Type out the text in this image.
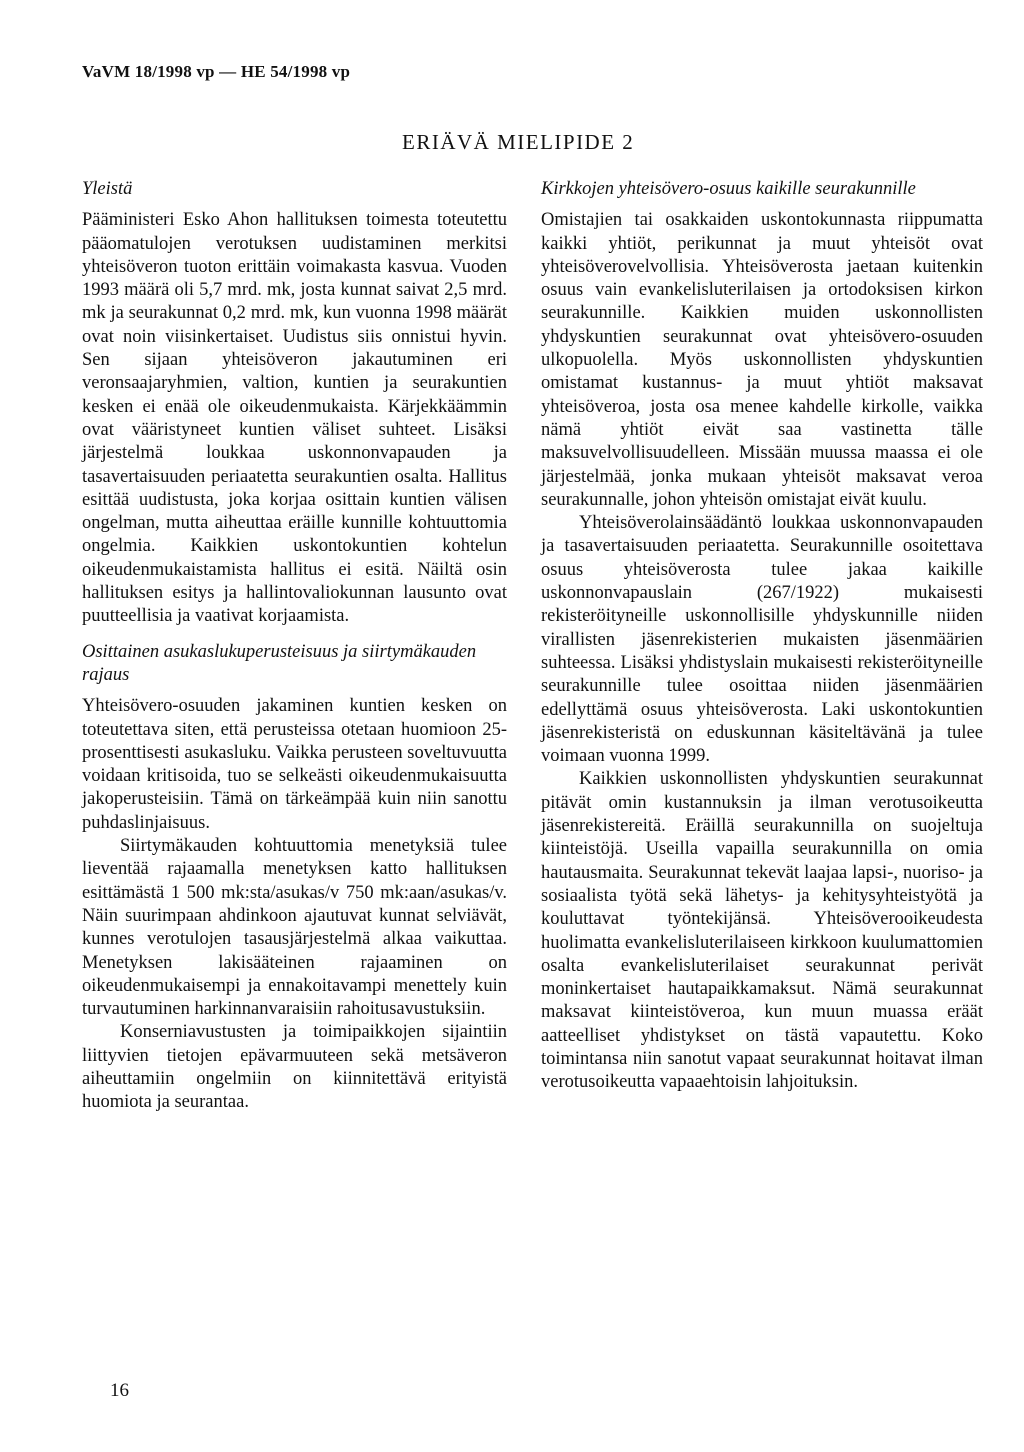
VaVM 18/1998 vp — HE 54/1998 vp
ERIÄVÄ MIELIPIDE 2
Yleistä

Pääministeri Esko Ahon hallituksen toimesta toteutettu pääomatulojen verotuksen uudistaminen merkitsi yhteisöveron tuoton erittäin voimakasta kasvua. Vuoden 1993 määrä oli 5,7 mrd. mk, josta kunnat saivat 2,5 mrd. mk ja seurakunnat 0,2 mrd. mk, kun vuonna 1998 määrät ovat noin viisinkertaiset. Uudistus siis onnistui hyvin. Sen sijaan yhteisöveron jakautuminen eri veronsaajaryhmien, valtion, kuntien ja seurakuntien kesken ei enää ole oikeudenmukaista. Kärjekkäämmin ovat vääristyneet kuntien väliset suhteet. Lisäksi järjestelmä loukkaa uskonnonvapauden ja tasavertaisuuden periaatetta seurakuntien osalta. Hallitus esittää uudistusta, joka korjaa osittain kuntien välisen ongelman, mutta aiheuttaa eräille kunnille kohtuuttomia ongelmia. Kaikkien uskontokuntien kohtelun oikeudenmukaistamista hallitus ei esitä. Näiltä osin hallituksen esitys ja hallintovaliokunnan lausunto ovat puutteellisia ja vaativat korjaamista.

Osittainen asukaslukuperusteisuus ja siirtymäkauden rajaus

Yhteisövero-osuuden jakaminen kuntien kesken on toteutettava siten, että perusteissa otetaan huomioon 25-prosenttisesti asukasluku. Vaikka perusteen soveltuvuutta voidaan kritisoida, tuo se selkeästi oikeudenmukaisuutta jakoperusteisiin. Tämä on tärkeämpää kuin niin sanottu puhdaslinjaisuus.

Siirtymäkauden kohtuuttomia menetyksiä tulee lieventää rajaamalla menetyksen katto hallituksen esittämästä 1 500 mk:sta/asukas/v 750 mk:aan/asukas/v. Näin suurimpaan ahdinkoon ajautuvat kunnat selviävät, kunnes verotulojen tasausjärjestelmä alkaa vaikuttaa. Menetyksen lakisääteinen rajaaminen on oikeudenmukaisempi ja ennakoitavampi menettely kuin turvautuminen harkinnanvaraisiin rahoitusavustuksiin.

Konserniavustusten ja toimipaikkojen sijaintiin liittyvien tietojen epävarmuuteen sekä metsäveron aiheuttamiin ongelmiin on kiinnitettävä erityistä huomiota ja seurantaa.

Kirkkojen yhteisövero-osuus kaikille seurakunnille

Omistajien tai osakkaiden uskontokunnasta riippumatta kaikki yhtiöt, perikunnat ja muut yhteisöt ovat yhteisöverovelvollisia. Yhteisöverosta jaetaan kuitenkin osuus vain evankelisluterilaisen ja ortodoksisen kirkon seurakunnille. Kaikkien muiden uskonnollisten yhdyskuntien seurakunnat ovat yhteisövero-osuuden ulkopuolella. Myös uskonnollisten yhdyskuntien omistamat kustannus- ja muut yhtiöt maksavat yhteisöveroa, josta osa menee kahdelle kirkolle, vaikka nämä yhtiöt eivät saa vastinetta tälle maksuvelvollisuudelleen. Missään muussa maassa ei ole järjestelmää, jonka mukaan yhteisöt maksavat veroa seurakunnalle, johon yhteisön omistajat eivät kuulu.

Yhteisöverolainsäädäntö loukkaa uskonnonvapauden ja tasavertaisuuden periaatetta. Seurakunnille osoitettava osuus yhteisöverosta tulee jakaa kaikille uskonnonvapauslain (267/1922) mukaisesti rekisteröityneille uskonnollisille yhdyskunnille niiden virallisten jäsenrekisterien mukaisten jäsenmäärien suhteessa. Lisäksi yhdistyslain mukaisesti rekisteröityneille seurakunnille tulee osoittaa niiden jäsenmäärien edellyttämä osuus yhteisöverosta. Laki uskontokuntien jäsenrekisteristä on eduskunnan käsiteltävänä ja tulee voimaan vuonna 1999.

Kaikkien uskonnollisten yhdyskuntien seurakunnat pitävät omin kustannuksin ja ilman verotusoikeutta jäsenrekistereitä. Eräillä seurakunnilla on suojeltuja kiinteistöjä. Useilla vapailla seurakunnilla on omia hautausmaita. Seurakunnat tekevät laajaa lapsi-, nuoriso- ja sosiaalista työtä sekä lähetys- ja kehitysyhteistyötä ja kouluttavat työntekijänsä. Yhteisöverooikeudesta huolimatta evankelisluterilaiseen kirkkoon kuulumattomien osalta evankelisluterilaiset seurakunnat perivät moninkertaiset hautapaikkamaksut. Nämä seurakunnat maksavat kiinteistöveroa, kun muun muassa eräät aatteelliset yhdistykset on tästä vapautettu. Koko toimintansa niin sanotut vapaat seurakunnat hoitavat ilman verotusoikeutta vapaaehtoisin lahjoituksin.

16
